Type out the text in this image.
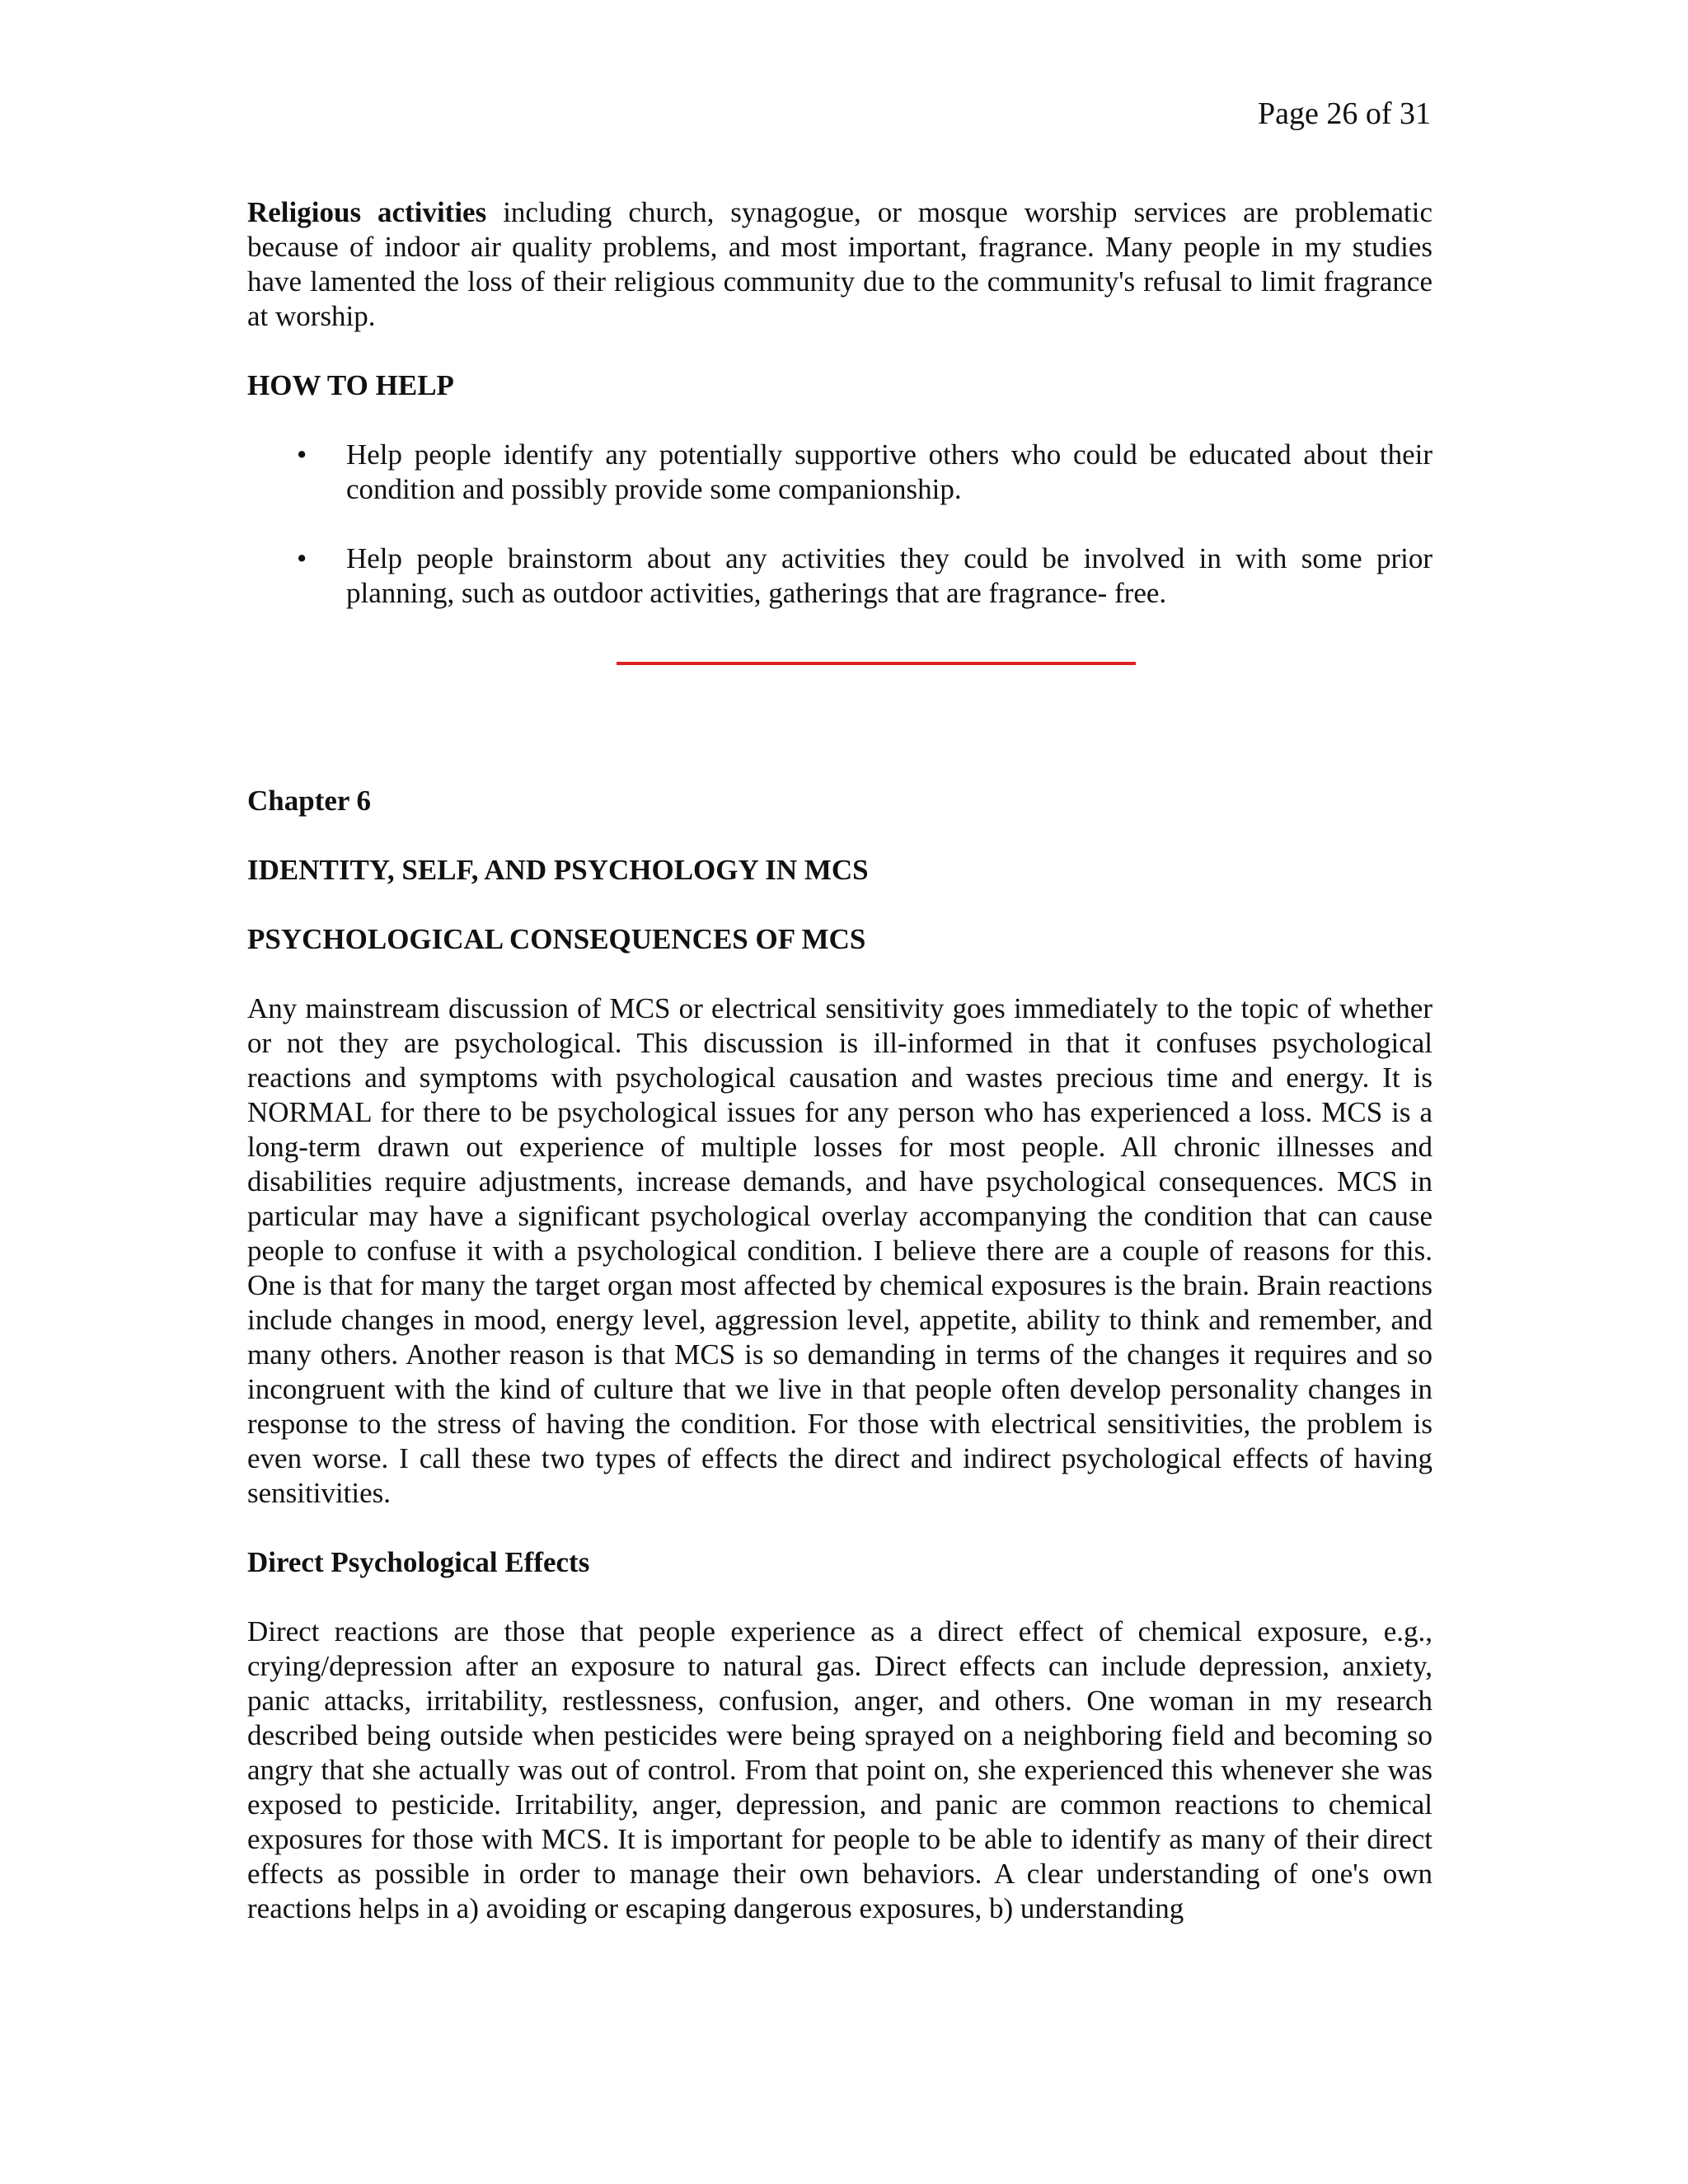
Page 26 of 31

Religious activities including church, synagogue, or mosque worship services are problematic because of indoor air quality problems, and most important, fragrance. Many people in my studies have lamented the loss of their religious community due to the community's refusal to limit fragrance at worship.

HOW TO HELP

• Help people identify any potentially supportive others who could be educated about their condition and possibly provide some companionship.
• Help people brainstorm about any activities they could be involved in with some prior planning, such as outdoor activities, gatherings that are fragrance- free.

Chapter 6

IDENTITY, SELF, AND PSYCHOLOGY IN MCS

PSYCHOLOGICAL CONSEQUENCES OF MCS

Any mainstream discussion of MCS or electrical sensitivity goes immediately to the topic of whether or not they are psychological. This discussion is ill-informed in that it confuses psychological reactions and symptoms with psychological causation and wastes precious time and energy. It is NORMAL for there to be psychological issues for any person who has experienced a loss. MCS is a long-term drawn out experience of multiple losses for most people. All chronic illnesses and disabilities require adjustments, increase demands, and have psychological consequences. MCS in particular may have a significant psychological overlay accompanying the condition that can cause people to confuse it with a psychological condition. I believe there are a couple of reasons for this. One is that for many the target organ most affected by chemical exposures is the brain. Brain reactions include changes in mood, energy level, aggression level, appetite, ability to think and remember, and many others. Another reason is that MCS is so demanding in terms of the changes it requires and so incongruent with the kind of culture that we live in that people often develop personality changes in response to the stress of having the condition. For those with electrical sensitivities, the problem is even worse. I call these two types of effects the direct and indirect psychological effects of having sensitivities.

Direct Psychological Effects

Direct reactions are those that people experience as a direct effect of chemical exposure, e.g., crying/depression after an exposure to natural gas. Direct effects can include depression, anxiety, panic attacks, irritability, restlessness, confusion, anger, and others. One woman in my research described being outside when pesticides were being sprayed on a neighboring field and becoming so angry that she actually was out of control. From that point on, she experienced this whenever she was exposed to pesticide. Irritability, anger, depression, and panic are common reactions to chemical exposures for those with MCS. It is important for people to be able to identify as many of their direct effects as possible in order to manage their own behaviors. A clear understanding of one's own reactions helps in a) avoiding or escaping dangerous exposures, b) understanding
